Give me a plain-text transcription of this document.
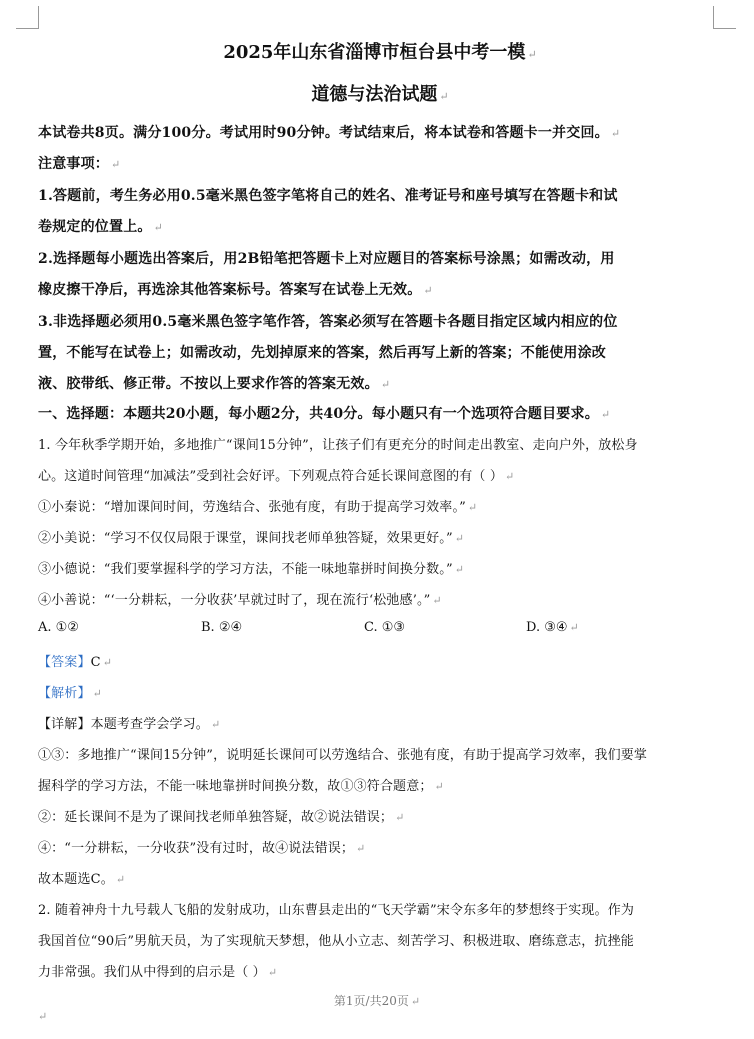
2025年山东省淄博市桓台县中考一模 ↵
道德与法治试题 ↵
本试卷共8页。满分100分。考试用时90分钟。考试结束后，将本试卷和答题卡一并交回。 ↵
注意事项： ↵
1.答题前，考生务必用0.5毫米黑色签字笔将自己的姓名、准考证号和座号填写在答题卡和试
卷规定的位置上。 ↵
2.选择题每小题选出答案后，用2B铅笔把答题卡上对应题目的答案标号涂黑；如需改动，用
橡皮擦干净后，再选涂其他答案标号。答案写在试卷上无效。 ↵
3.非选择题必须用0.5毫米黑色签字笔作答，答案必须写在答题卡各题目指定区域内相应的位
置，不能写在试卷上；如需改动，先划掉原来的答案，然后再写上新的答案；不能使用涂改
液、胶带纸、修正带。不按以上要求作答的答案无效。 ↵
一、选择题：本题共20小题，每小题2分，共40分。每小题只有一个选项符合题目要求。 ↵
1. 今年秋季学期开始，多地推广“课间15分钟”，让孩子们有更充分的时间走出教室、走向户外，放松身
心。这道时间管理“加减法”受到社会好评。下列观点符合延长课间意图的有（ ） ↵
①小秦说：“增加课间时间，劳逸结合、张弛有度，有助于提高学习效率。” ↵
②小美说：“学习不仅仅局限于课堂，课间找老师单独答疑，效果更好。” ↵
③小德说：“我们要掌握科学的学习方法，不能一味地靠拼时间换分数。” ↵
④小善说：“‘一分耕耘，一分收获’早就过时了，现在流行‘松弛感’。” ↵
A. ①②	B. ②④	C. ①③	D. ③④ ↵
【答案】C ↵
【解析】 ↵
【详解】本题考查学会学习。 ↵
①③：多地推广“课间15分钟”，说明延长课间可以劳逸结合、张弛有度，有助于提高学习效率，我们要掌
握科学的学习方法，不能一味地靠拼时间换分数，故①③符合题意； ↵
②：延长课间不是为了课间找老师单独答疑，故②说法错误； ↵
④：“一分耕耘，一分收获”没有过时，故④说法错误； ↵
故本题选C。 ↵
2. 随着神舟十九号载人飞船的发射成功，山东曹县走出的“飞天学霸”宋令东多年的梦想终于实现。作为
我国首位“90后”男航天员，为了实现航天梦想，他从小立志、刻苦学习、积极进取、磨练意志，抗挫能
力非常强。我们从中得到的启示是（ ） ↵
第1页/共20页 ↵
↵
